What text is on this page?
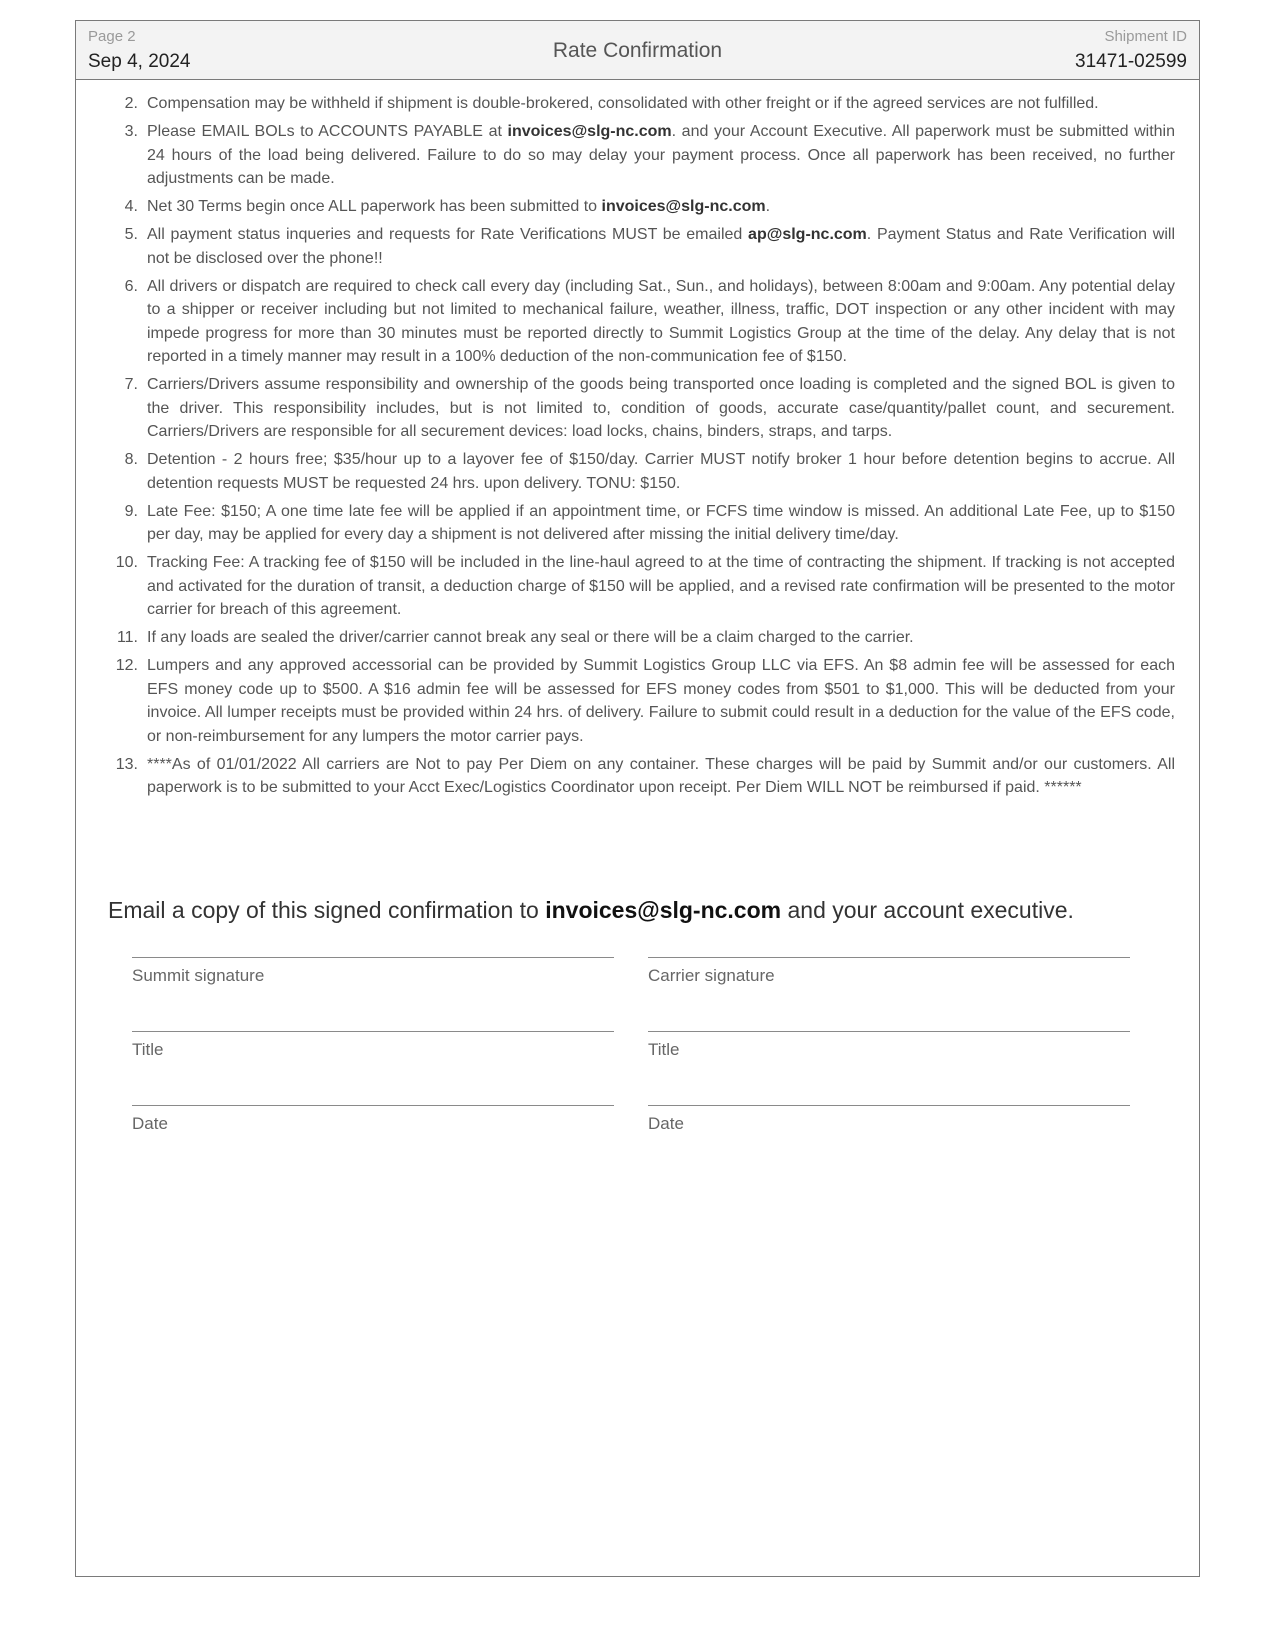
Page 2
Sep 4, 2024	Rate Confirmation
Shipment ID
31471-02599
2. Compensation may be withheld if shipment is double-brokered, consolidated with other freight or if the agreed services are not fulfilled.
3. Please EMAIL BOLs to ACCOUNTS PAYABLE at invoices@slg-nc.com. and your Account Executive. All paperwork must be submitted within 24 hours of the load being delivered. Failure to do so may delay your payment process. Once all paperwork has been received, no further adjustments can be made.
4. Net 30 Terms begin once ALL paperwork has been submitted to invoices@slg-nc.com.
5. All payment status inqueries and requests for Rate Verifications MUST be emailed ap@slg-nc.com. Payment Status and Rate Verification will not be disclosed over the phone!!
6. All drivers or dispatch are required to check call every day (including Sat., Sun., and holidays), between 8:00am and 9:00am. Any potential delay to a shipper or receiver including but not limited to mechanical failure, weather, illness, traffic, DOT inspection or any other incident with may impede progress for more than 30 minutes must be reported directly to Summit Logistics Group at the time of the delay. Any delay that is not reported in a timely manner may result in a 100% deduction of the non-communication fee of $150.
7. Carriers/Drivers assume responsibility and ownership of the goods being transported once loading is completed and the signed BOL is given to the driver. This responsibility includes, but is not limited to, condition of goods, accurate case/quantity/pallet count, and securement. Carriers/Drivers are responsible for all securement devices: load locks, chains, binders, straps, and tarps.
8. Detention - 2 hours free; $35/hour up to a layover fee of $150/day. Carrier MUST notify broker 1 hour before detention begins to accrue. All detention requests MUST be requested 24 hrs. upon delivery. TONU: $150.
9. Late Fee: $150; A one time late fee will be applied if an appointment time, or FCFS time window is missed. An additional Late Fee, up to $150 per day, may be applied for every day a shipment is not delivered after missing the initial delivery time/day.
10. Tracking Fee: A tracking fee of $150 will be included in the line-haul agreed to at the time of contracting the shipment. If tracking is not accepted and activated for the duration of transit, a deduction charge of $150 will be applied, and a revised rate confirmation will be presented to the motor carrier for breach of this agreement.
11. If any loads are sealed the driver/carrier cannot break any seal or there will be a claim charged to the carrier.
12. Lumpers and any approved accessorial can be provided by Summit Logistics Group LLC via EFS. An $8 admin fee will be assessed for each EFS money code up to $500. A $16 admin fee will be assessed for EFS money codes from $501 to $1,000. This will be deducted from your invoice. All lumper receipts must be provided within 24 hrs. of delivery. Failure to submit could result in a deduction for the value of the EFS code, or non-reimbursement for any lumpers the motor carrier pays.
13. ****As of 01/01/2022 All carriers are Not to pay Per Diem on any container. These charges will be paid by Summit and/or our customers. All paperwork is to be submitted to your Acct Exec/Logistics Coordinator upon receipt. Per Diem WILL NOT be reimbursed if paid. ******
Email a copy of this signed confirmation to invoices@slg-nc.com and your account executive.
Summit signature	Carrier signature
Title	Title
Date	Date
